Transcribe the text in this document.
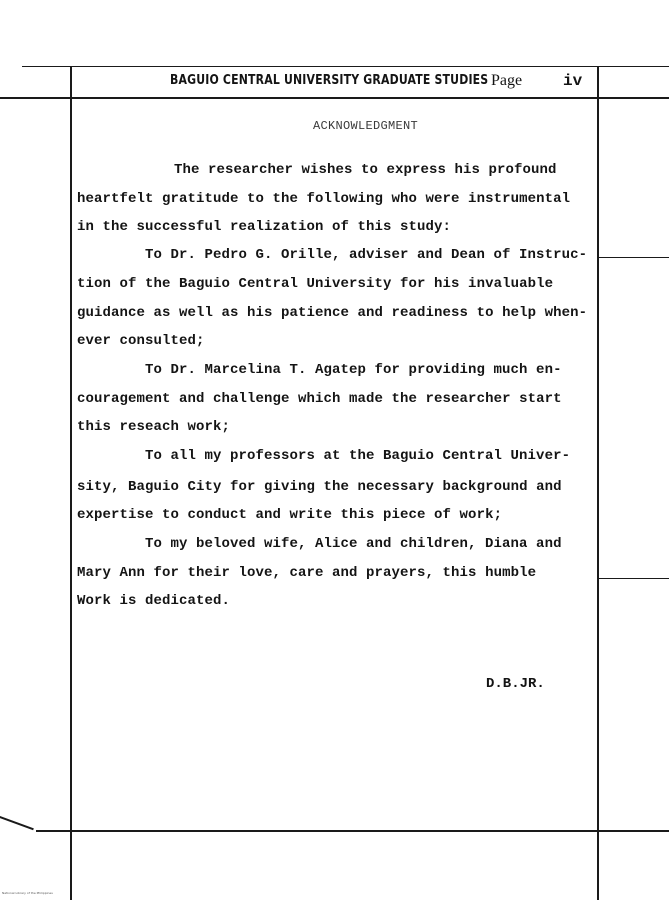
BAGUIO CENTRAL UNIVERSITY GRADUATE STUDIES Page	iv
ACKNOWLEDGMENT
The researcher wishes to express his profound
heartfelt gratitude to the following who were instrumental
in the successful realization of this study:
To Dr. Pedro G. Orille, adviser and Dean of Instruc-
tion of the Baguio Central University for his invaluable
guidance as well as his patience and readiness to help when-
ever consulted;
To Dr. Marcelina T. Agatep for providing much en-
couragement and challenge which made the researcher start
this reseach work;
To all my professors at the Baguio Central Univer-
sity, Baguio City for giving the necessary background and
expertise to conduct and write this piece of work;
To my beloved wife, Alice and children, Diana and
Mary Ann for their love, care and prayers, this humble
Work is dedicated.
D.B.JR.
National Library of the Philippines
